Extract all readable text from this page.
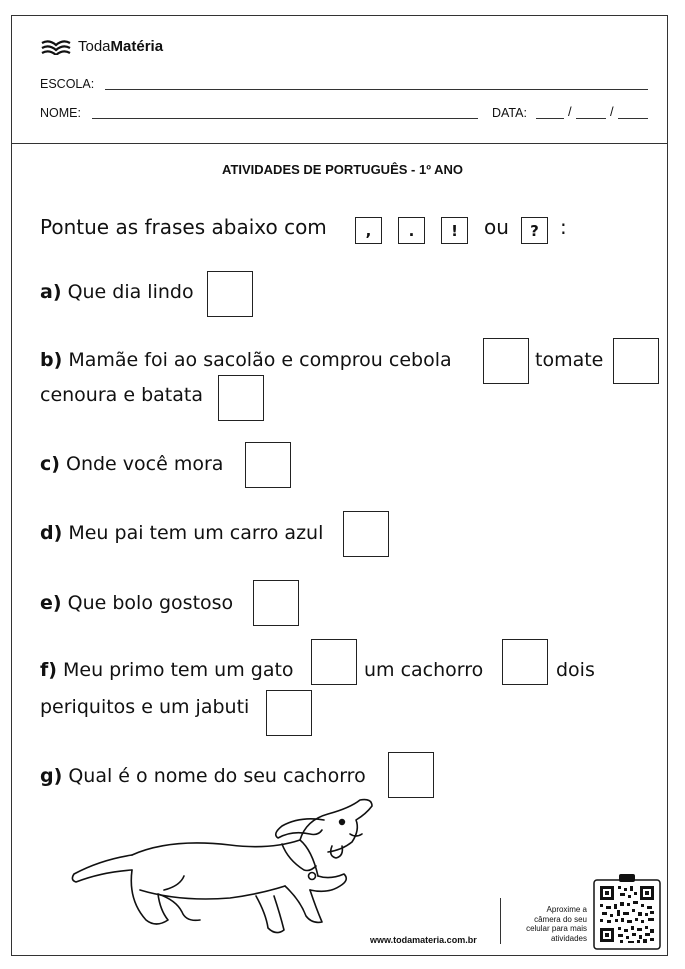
TodaMatéria
ESCOLA:
NOME:	DATA:	/	/
ATIVIDADES DE PORTUGUÊS - 1º ANO
Pontue as frases abaixo com	,	.	!	ou	?	:
a) Que dia lindo
b) Mamãe foi ao sacolão e comprou cebola	tomate
cenoura e batata
c) Onde você mora
d) Meu pai tem um carro azul
e) Que bolo gostoso
f) Meu primo tem um gato	um cachorro	dois
periquitos e um jabuti
g) Qual é o nome do seu cachorro
www.todamateria.com.br
Aproxime a
câmera do seu
celular para mais
atividades
